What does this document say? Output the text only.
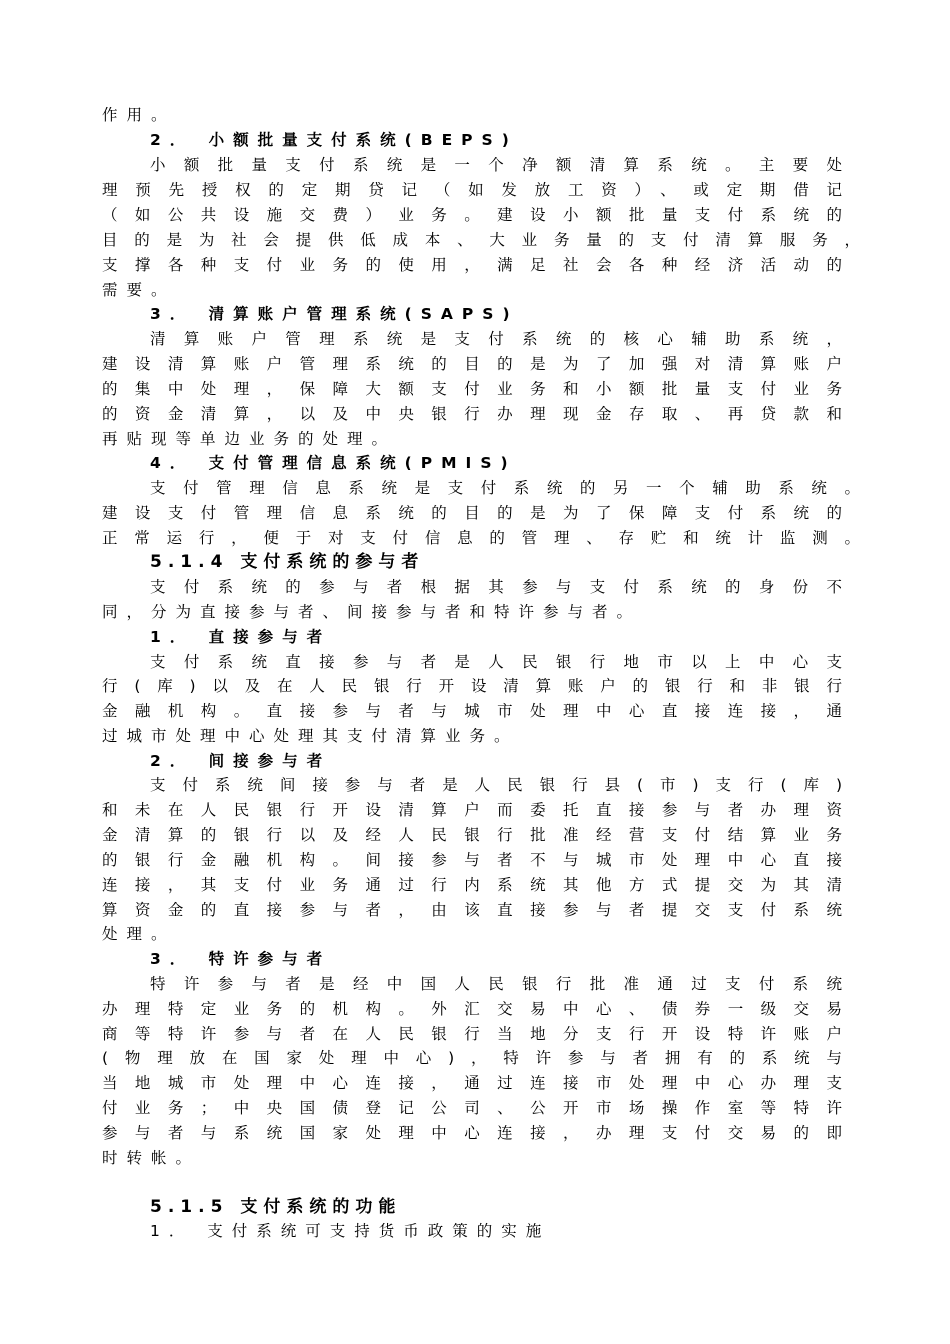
作用。
2． 小额批量支付系统(BEPS)
小额批量支付系统是一个净额清算系统。主要处
理预先授权的定期贷记（如发放工资）、或定期借记
（如公共设施交费）业务。建设小额批量支付系统的
目的是为社会提供低成本、大业务量的支付清算服务，
支撑各种支付业务的使用，满足社会各种经济活动的
需要。
3． 清算账户管理系统(SAPS)
清算账户管理系统是支付系统的核心辅助系统，
建设清算账户管理系统的目的是为了加强对清算账户
的集中处理，保障大额支付业务和小额批量支付业务
的资金清算，以及中央银行办理现金存取、再贷款和
再贴现等单边业务的处理。
4． 支付管理信息系统(PMIS)
支付管理信息系统是支付系统的另一个辅助系统。
建设支付管理信息系统的目的是为了保障支付系统的
正常运行，便于对支付信息的管理、存贮和统计监测。
5.1.4 支付系统的参与者
支付系统的参与者根据其参与支付系统的身份不
同，分为直接参与者、间接参与者和特许参与者。
1． 直接参与者
支付系统直接参与者是人民银行地市以上中心支
行(库)以及在人民银行开设清算账户的银行和非银行
金融机构。直接参与者与城市处理中心直接连接，通
过城市处理中心处理其支付清算业务。
2． 间接参与者
支付系统间接参与者是人民银行县(市)支行(库)
和未在人民银行开设清算户而委托直接参与者办理资
金清算的银行以及经人民银行批准经营支付结算业务
的银行金融机构。间接参与者不与城市处理中心直接
连接，其支付业务通过行内系统其他方式提交为其清
算资金的直接参与者，由该直接参与者提交支付系统
处理。
3． 特许参与者
特许参与者是经中国人民银行批准通过支付系统
办理特定业务的机构。外汇交易中心、债券一级交易
商等特许参与者在人民银行当地分支行开设特许账户
(物理放在国家处理中心)，特许参与者拥有的系统与
当地城市处理中心连接，通过连接市处理中心办理支
付业务；中央国债登记公司、公开市场操作室等特许
参与者与系统国家处理中心连接，办理支付交易的即
时转帐。
5.1.5 支付系统的功能
1． 支付系统可支持货币政策的实施
